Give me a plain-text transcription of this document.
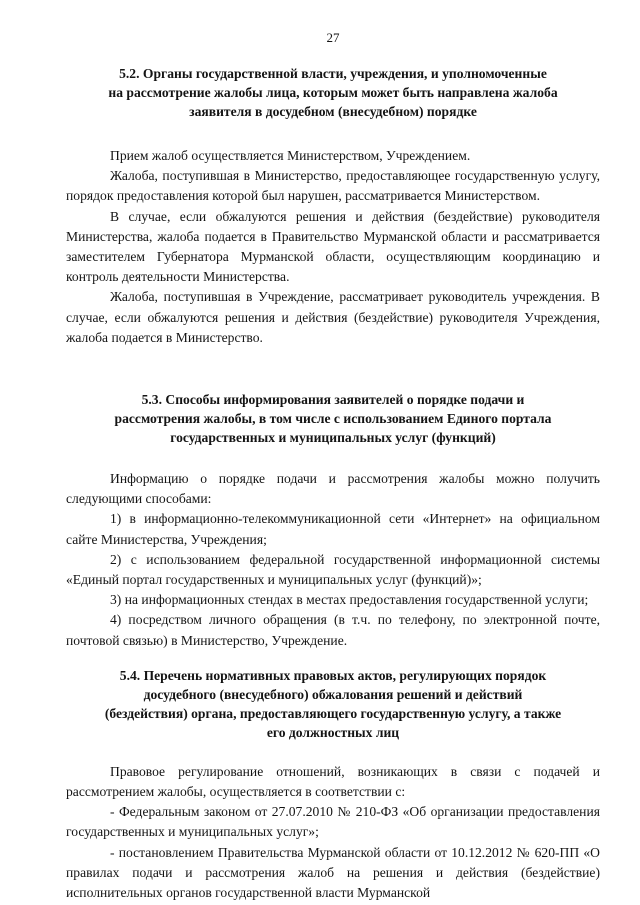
27
5.2. Органы государственной власти, учреждения, и уполномоченные
на рассмотрение жалобы лица, которым может быть направлена жалоба
заявителя в досудебном (внесудебном) порядке

Прием жалоб осуществляется Министерством, Учреждением.

Жалоба, поступившая в Министерство, предоставляющее государственную услугу, порядок предоставления которой был нарушен, рассматривается Министерством.

В случае, если обжалуются решения и действия (бездействие) руководителя Министерства, жалоба подается в Правительство Мурманской области и рассматривается заместителем Губернатора Мурманской области, осуществляющим координацию и контроль деятельности Министерства.

Жалоба, поступившая в Учреждение, рассматривает руководитель учреждения. В случае, если обжалуются решения и действия (бездействие) руководителя Учреждения, жалоба подается в Министерство.

5.3. Способы информирования заявителей о порядке подачи и
рассмотрения жалобы, в том числе с использованием Единого портала
государственных и муниципальных услуг (функций)

Информацию о порядке подачи и рассмотрения жалобы можно получить следующими способами:

1) в информационно-телекоммуникационной сети «Интернет» на официальном сайте Министерства, Учреждения;

2) с использованием федеральной государственной информационной системы «Единый портал государственных и муниципальных услуг (функций)»;

3) на информационных стендах в местах предоставления государственной услуги;

4) посредством личного обращения (в т.ч. по телефону, по электронной почте, почтовой связью) в Министерство, Учреждение.

5.4. Перечень нормативных правовых актов, регулирующих порядок
досудебного (внесудебного) обжалования решений и действий
(бездействия) органа, предоставляющего государственную услугу, а также
его должностных лиц

Правовое регулирование отношений, возникающих в связи с подачей и рассмотрением жалобы, осуществляется в соответствии с:

- Федеральным законом от 27.07.2010 № 210-ФЗ «Об организации предоставления государственных и муниципальных услуг»;

- постановлением Правительства Мурманской области от 10.12.2012 № 620-ПП «О правилах подачи и рассмотрения жалоб на решения и действия (бездействие) исполнительных органов государственной власти Мурманской
